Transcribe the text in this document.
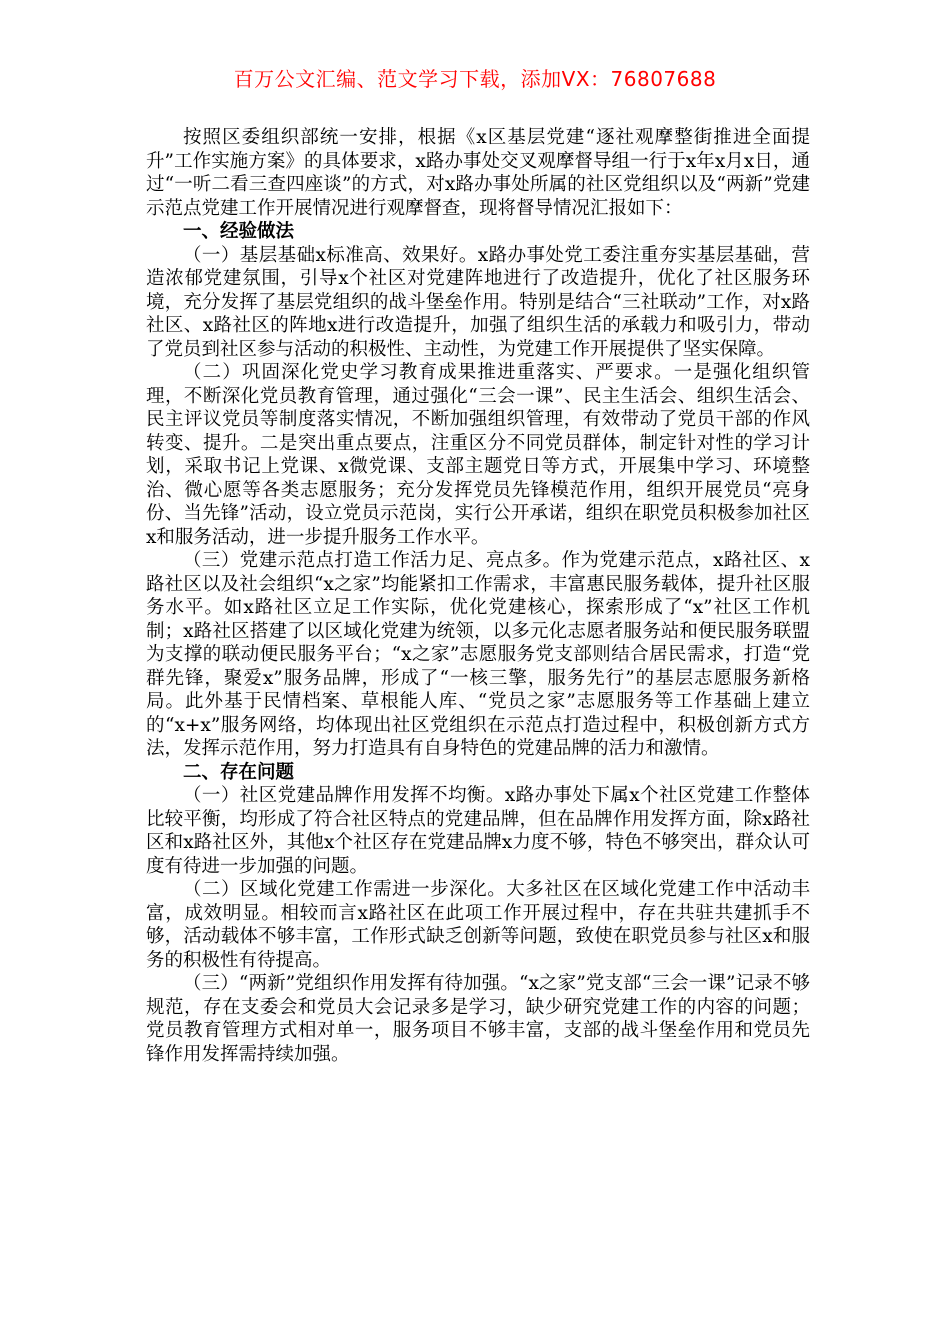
百万公文汇编、范文学习下载，添加VX：76807688

按照区委组织部统一安排，根据《x区基层党建“逐社观摩整街推进全面提升”工作实施方案》的具体要求，x路办事处交叉观摩督导组一行于x年x月x日，通过“一听二看三查四座谈”的方式，对x路办事处所属的社区党组织以及“两新”党建示范点党建工作开展情况进行观摩督查，现将督导情况汇报如下：

一、经验做法

（一）基层基础x标准高、效果好。x路办事处党工委注重夯实基层基础，营造浓郁党建氛围，引导x个社区对党建阵地进行了改造提升，优化了社区服务环境，充分发挥了基层党组织的战斗堡垒作用。特别是结合“三社联动”工作，对x路社区、x路社区的阵地x进行改造提升，加强了组织生活的承载力和吸引力，带动了党员到社区参与活动的积极性、主动性，为党建工作开展提供了坚实保障。

（二）巩固深化党史学习教育成果推进重落实、严要求。一是强化组织管理，不断深化党员教育管理，通过强化“三会一课”、民主生活会、组织生活会、民主评议党员等制度落实情况，不断加强组织管理，有效带动了党员干部的作风转变、提升。二是突出重点要点，注重区分不同党员群体，制定针对性的学习计划，采取书记上党课、x微党课、支部主题党日等方式，开展集中学习、环境整治、微心愿等各类志愿服务；充分发挥党员先锋模范作用，组织开展党员“亮身份、当先锋”活动，设立党员示范岗，实行公开承诺，组织在职党员积极参加社区x和服务活动，进一步提升服务工作水平。

（三）党建示范点打造工作活力足、亮点多。作为党建示范点，x路社区、x路社区以及社会组织“x之家”均能紧扣工作需求，丰富惠民服务载体，提升社区服务水平。如x路社区立足工作实际，优化党建核心，探索形成了“x”社区工作机制；x路社区搭建了以区域化党建为统领，以多元化志愿者服务站和便民服务联盟为支撑的联动便民服务平台；“x之家”志愿服务党支部则结合居民需求，打造“党群先锋，聚爱x”服务品牌，形成了“一核三擎，服务先行”的基层志愿服务新格局。此外基于民情档案、草根能人库、“党员之家”志愿服务等工作基础上建立的“x+x”服务网络，均体现出社区党组织在示范点打造过程中，积极创新方式方法，发挥示范作用，努力打造具有自身特色的党建品牌的活力和激情。

二、存在问题

（一）社区党建品牌作用发挥不均衡。x路办事处下属x个社区党建工作整体比较平衡，均形成了符合社区特点的党建品牌，但在品牌作用发挥方面，除x路社区和x路社区外，其他x个社区存在党建品牌x力度不够，特色不够突出，群众认可度有待进一步加强的问题。

（二）区域化党建工作需进一步深化。大多社区在区域化党建工作中活动丰富，成效明显。相较而言x路社区在此项工作开展过程中，存在共驻共建抓手不够，活动载体不够丰富，工作形式缺乏创新等问题，致使在职党员参与社区x和服务的积极性有待提高。

（三）“两新”党组织作用发挥有待加强。“x之家”党支部“三会一课”记录不够规范，存在支委会和党员大会记录多是学习，缺少研究党建工作的内容的问题；党员教育管理方式相对单一，服务项目不够丰富，支部的战斗堡垒作用和党员先锋作用发挥需持续加强。
